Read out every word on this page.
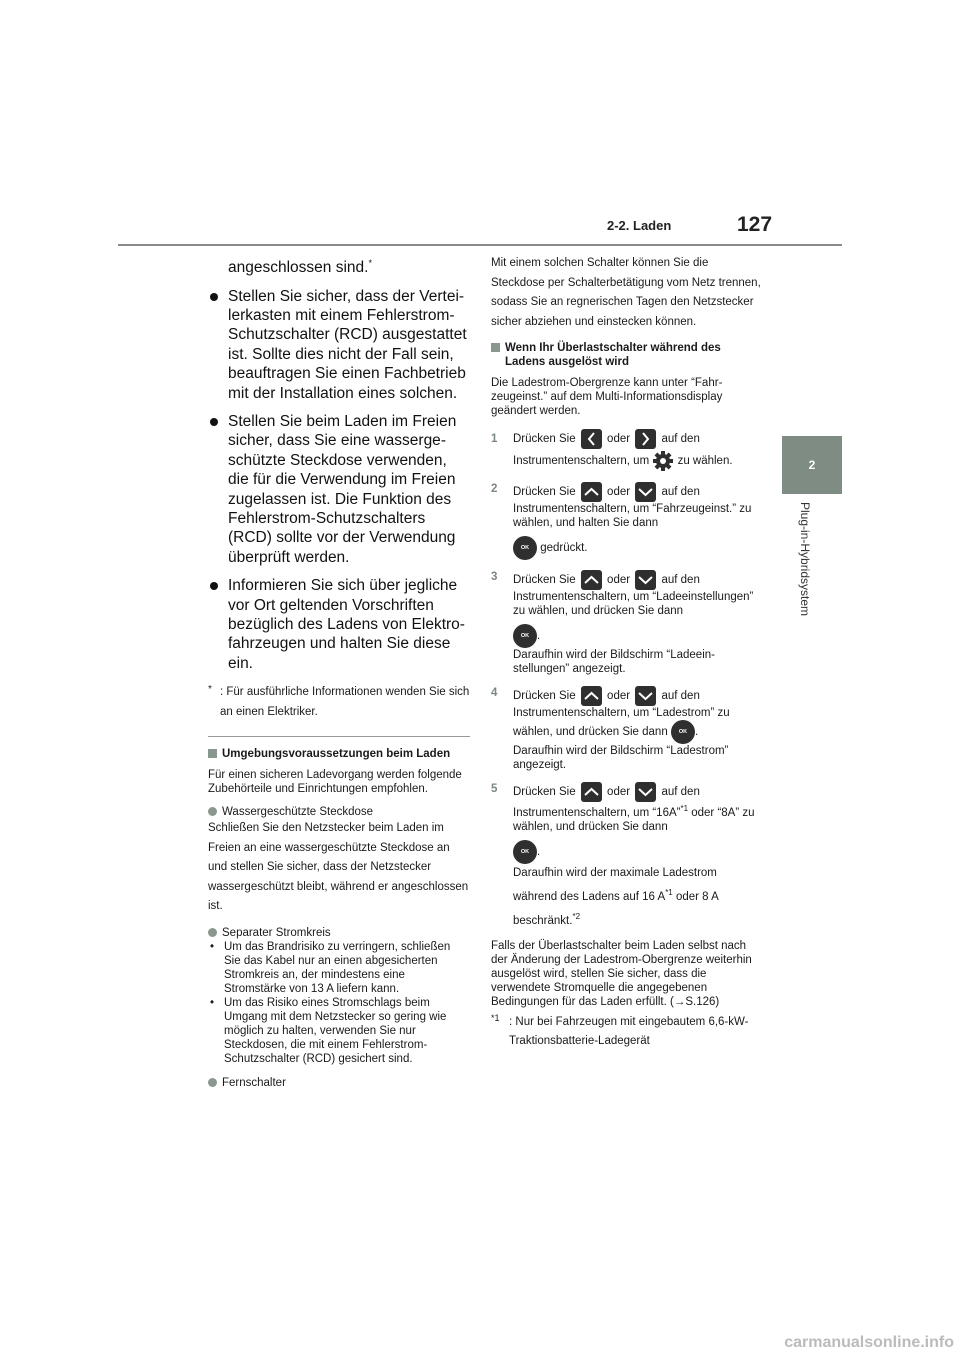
2-2. Laden	127
2
Plug-in-Hybridsystem
angeschlossen sind.*
Stellen Sie sicher, dass der Verteilerkasten mit einem Fehlerstrom-Schutzschalter (RCD) ausgestattet ist. Sollte dies nicht der Fall sein, beauftragen Sie einen Fachbetrieb mit der Installation eines solchen.
Stellen Sie beim Laden im Freien sicher, dass Sie eine wassergeschützte Steckdose verwenden, die für die Verwendung im Freien zugelassen ist. Die Funktion des Fehlerstrom-Schutzschalters (RCD) sollte vor der Verwendung überprüft werden.
Informieren Sie sich über jegliche vor Ort geltenden Vorschriften bezüglich des Ladens von Elektrofahrzeugen und halten Sie diese ein.
* : Für ausführliche Informationen wenden Sie sich an einen Elektriker.
Umgebungsvoraussetzungen beim Laden
Für einen sicheren Ladevorgang werden folgende Zubehörteile und Einrichtungen empfohlen.
Wassergeschützte Steckdose
Schließen Sie den Netzstecker beim Laden im Freien an eine wassergeschützte Steckdose an und stellen Sie sicher, dass der Netzstecker wassergeschützt bleibt, während er angeschlossen ist.
Separater Stromkreis
• Um das Brandrisiko zu verringern, schließen Sie das Kabel nur an einen abgesicherten Stromkreis an, der mindestens eine Stromstärke von 13 A liefern kann.
• Um das Risiko eines Stromschlags beim Umgang mit dem Netzstecker so gering wie möglich zu halten, verwenden Sie nur Steckdosen, die mit einem Fehlerstrom-Schutzschalter (RCD) gesichert sind.
Fernschalter
Mit einem solchen Schalter können Sie die Steckdose per Schalterbetätigung vom Netz trennen, sodass Sie an regnerischen Tagen den Netzstecker sicher abziehen und einstecken können.
Wenn Ihr Überlastschalter während des Ladens ausgelöst wird
Die Ladestrom-Obergrenze kann unter “Fahrzeugeinst.” auf dem Multi-Informationsdisplay geändert werden.
1 Drücken Sie	oder	auf den Instrumentenschaltern, um zu wählen.
2 Drücken Sie	oder	auf den Instrumentenschaltern, um “Fahrzeugeinst.” zu wählen, und halten Sie dann
OK gedrückt.
3 Drücken Sie	oder	auf den Instrumentenschaltern, um “Ladeeinstellungen” zu wählen, und drücken Sie dann
OK .
Daraufhin wird der Bildschirm “Ladeeinstellungen” angezeigt.
4 Drücken Sie	oder	auf den Instrumentenschaltern, um “Ladestrom” zu wählen, und drücken Sie dann OK .
Daraufhin wird der Bildschirm “Ladestrom” angezeigt.
5 Drücken Sie	oder	auf den Instrumentenschaltern, um “16A”$^{*1}$ oder “8A” zu wählen, und drücken Sie dann
OK .
Daraufhin wird der maximale Ladestrom während des Ladens auf 16 $A^{*1}$ oder 8 A beschränkt.$^{*2}$
Falls der Überlastschalter beim Laden selbst nach der Änderung der Ladestrom-Obergrenze weiterhin ausgelöst wird, stellen Sie sicher, dass die verwendete Stromquelle die angegebenen Bedingungen für das Laden erfüllt. (→S.126)
*1 : Nur bei Fahrzeugen mit eingebautem 6,6-kW-Traktionsbatterie-Ladegerät
carmanualsonline.info
